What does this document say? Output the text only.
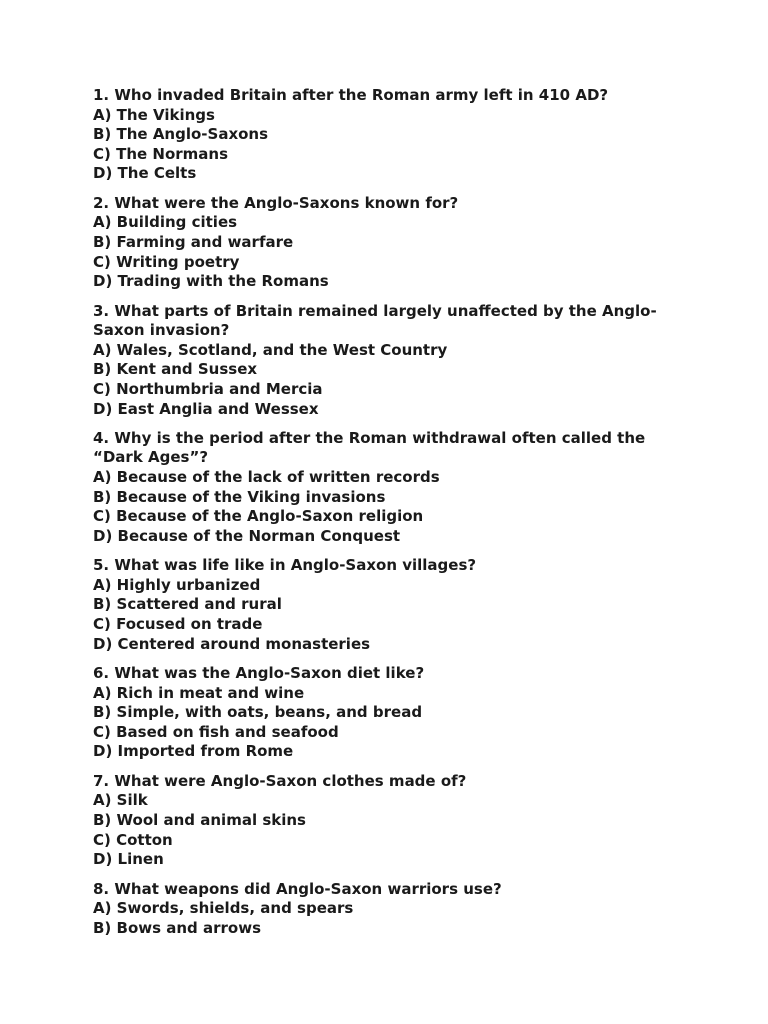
1. Who invaded Britain after the Roman army left in 410 AD?

A) The Vikings

B) The Anglo-Saxons

C) The Normans

D) The Celts

2. What were the Anglo-Saxons known for?

A) Building cities

B) Farming and warfare

C) Writing poetry

D) Trading with the Romans

3. What parts of Britain remained largely unaffected by the Anglo-Saxon invasion?

A) Wales, Scotland, and the West Country

B) Kent and Sussex

C) Northumbria and Mercia

D) East Anglia and Wessex

4. Why is the period after the Roman withdrawal often called the “Dark Ages”?

A) Because of the lack of written records

B) Because of the Viking invasions

C) Because of the Anglo-Saxon religion

D) Because of the Norman Conquest

5. What was life like in Anglo-Saxon villages?

A) Highly urbanized

B) Scattered and rural

C) Focused on trade

D) Centered around monasteries

6. What was the Anglo-Saxon diet like?

A) Rich in meat and wine

B) Simple, with oats, beans, and bread

C) Based on fish and seafood

D) Imported from Rome

7. What were Anglo-Saxon clothes made of?

A) Silk

B) Wool and animal skins

C) Cotton

D) Linen

8. What weapons did Anglo-Saxon warriors use?

A) Swords, shields, and spears

B) Bows and arrows
